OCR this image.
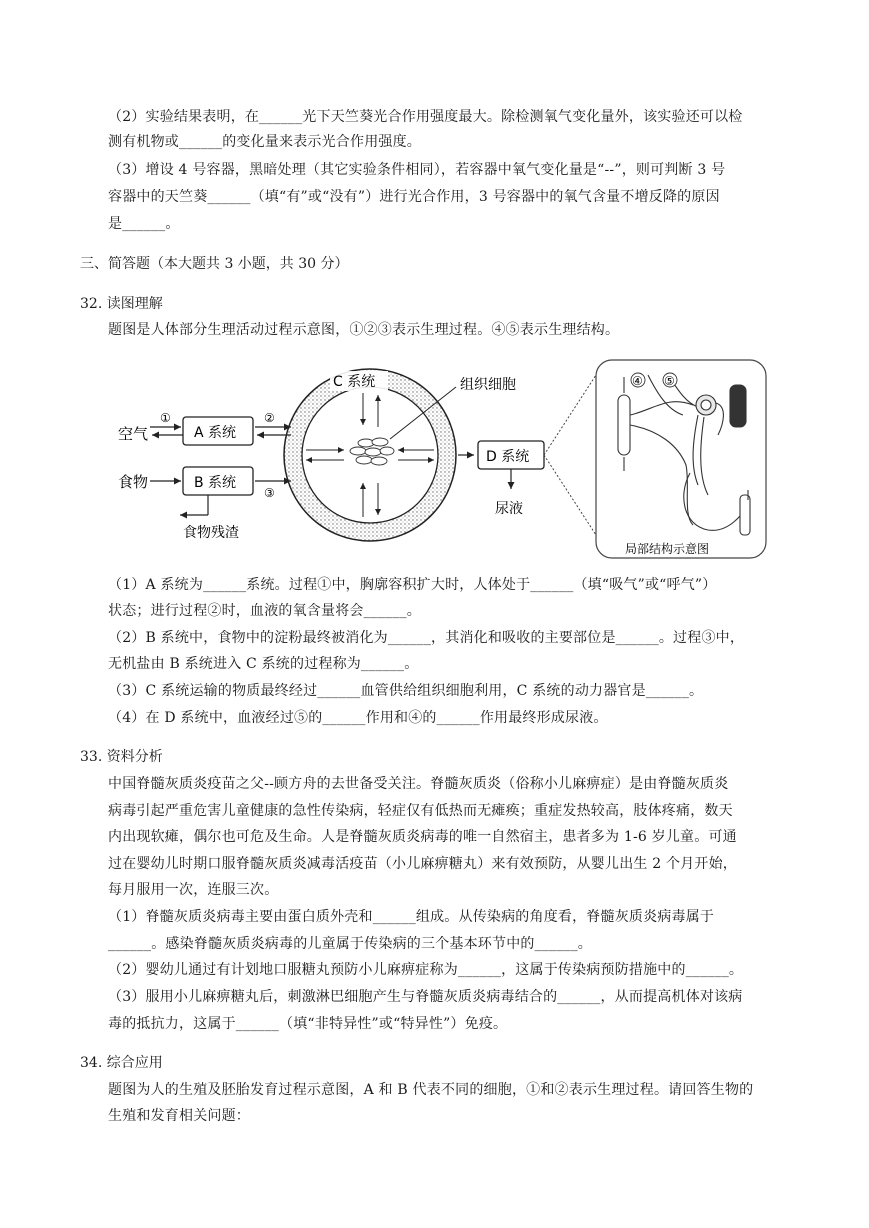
（2）实验结果表明，在______光下天竺葵光合作用强度最大。除检测氧气变化量外，该实验还可以检
测有机物或______的变化量来表示光合作用强度。
（3）增设 4 号容器，黑暗处理（其它实验条件相同），若容器中氧气变化量是“--”，则可判断 3 号
容器中的天竺葵______（填“有”或“没有”）进行光合作用，3 号容器中的氧气含量不增反降的原因
是______。
三、简答题（本大题共 3 小题，共 30 分）
32. 读图理解
题图是人体部分生理活动过程示意图，①②③表示生理过程。④⑤表示生理结构。
空气
食物
A 系统
B 系统
①
食物残渣
②
③
C 系统	组织细胞
D 系统
尿液
④ ⑤
局部结构示意图
（1）A 系统为______系统。过程①中，胸廓容积扩大时，人体处于______（填“吸气”或“呼气”）
状态；进行过程②时，血液的氧含量将会______。
（2）B 系统中，食物中的淀粉最终被消化为______，其消化和吸收的主要部位是______。过程③中，
无机盐由 B 系统进入 C 系统的过程称为______。
（3）C 系统运输的物质最终经过______血管供给组织细胞利用，C 系统的动力器官是______。
（4）在 D 系统中，血液经过⑤的______作用和④的______作用最终形成尿液。
33. 资料分析
中国脊髓灰质炎疫苗之父--顾方舟的去世备受关注。脊髓灰质炎（俗称小儿麻痹症）是由脊髓灰质炎
病毒引起严重危害儿童健康的急性传染病，轻症仅有低热而无瘫痪；重症发热较高，肢体疼痛，数天
内出现软瘫，偶尔也可危及生命。人是脊髓灰质炎病毒的唯一自然宿主，患者多为 1-6 岁儿童。可通
过在婴幼儿时期口服脊髓灰质炎减毒活疫苗（小儿麻痹糖丸）来有效预防，从婴儿出生 2 个月开始，
每月服用一次，连服三次。
（1）脊髓灰质炎病毒主要由蛋白质外壳和______组成。从传染病的角度看，脊髓灰质炎病毒属于
______。感染脊髓灰质炎病毒的儿童属于传染病的三个基本环节中的______。
（2）婴幼儿通过有计划地口服糖丸预防小儿麻痹症称为______，这属于传染病预防措施中的______。
（3）服用小儿麻痹糖丸后，刺激淋巴细胞产生与脊髓灰质炎病毒结合的______，从而提高机体对该病
毒的抵抗力，这属于______（填“非特异性”或“特异性”）免疫。
34. 综合应用
题图为人的生殖及胚胎发育过程示意图，A 和 B 代表不同的细胞，①和②表示生理过程。请回答生物的
生殖和发育相关问题：
